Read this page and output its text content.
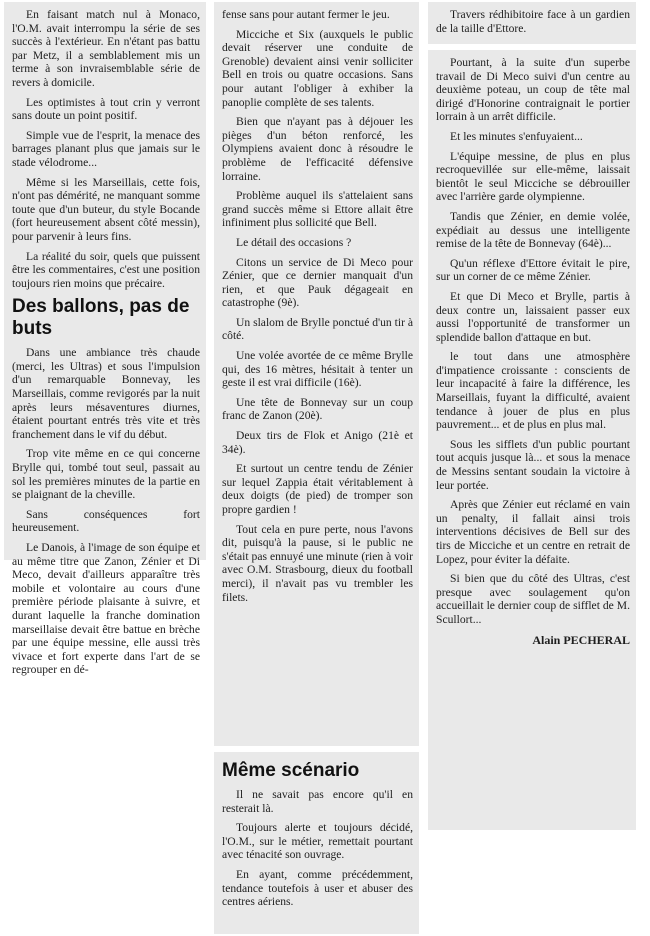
En faisant match nul à Monaco, l'O.M. avait interrompu la série de ses succès à l'extérieur. En n'étant pas battu par Metz, il a semblablement mis un terme à son invraisemblable série de revers à domicile.

Les optimistes à tout crin y verront sans doute un point positif.

Simple vue de l'esprit, la menace des barrages planant plus que jamais sur le stade vélodrome...

Même si les Marseillais, cette fois, n'ont pas démérité, ne manquant somme toute que d'un buteur, du style Bocande (fort heureusement absent côté messin), pour parvenir à leurs fins.

La réalité du soir, quels que puissent être les commentaires, c'est une position toujours rien moins que précaire.

Des ballons, pas de buts

Dans une ambiance très chaude (merci, les Ultras) et sous l'impulsion d'un remarquable Bonnevay, les Marseillais, comme revigorés par la nuit après leurs mésaventures diurnes, étaient pourtant entrés très vite et très franchement dans le vif du début.

Trop vite même en ce qui concerne Brylle qui, tombé tout seul, passait au sol les premières minutes de la partie en se plaignant de la cheville.

Sans conséquences fort heureusement.

Le Danois, à l'image de son équipe et au même titre que Zanon, Zénier et Di Meco, devait d'ailleurs apparaître très mobile et volontaire au cours d'une première période plaisante à suivre, et durant laquelle la franche domination marseillaise devait être battue en brèche par une équipe messine, elle aussi très vivace et fort experte dans l'art de se regrouper en dé-

fense sans pour autant fermer le jeu.

Micciche et Six (auxquels le public devait réserver une conduite de Grenoble) devaient ainsi venir solliciter Bell en trois ou quatre occasions. Sans pour autant l'obliger à exhiber la panoplie complète de ses talents.

Bien que n'ayant pas à déjouer les pièges d'un béton renforcé, les Olympiens avaient donc à résoudre le problème de l'efficacité défensive lorraine.

Problème auquel ils s'attelaient sans grand succès même si Ettore allait être infiniment plus sollicité que Bell.

Le détail des occasions ?

Citons un service de Di Meco pour Zénier, que ce dernier manquait d'un rien, et que Pauk dégageait en catastrophe (9è).

Un slalom de Brylle ponctué d'un tir à côté.

Une volée avortée de ce même Brylle qui, des 16 mètres, hésitait à tenter un geste il est vrai difficile (16è).

Une tête de Bonnevay sur un coup franc de Zanon (20è).

Deux tirs de Flok et Anigo (21è et 34è).

Et surtout un centre tendu de Zénier sur lequel Zappia était véritablement à deux doigts (de pied) de tromper son propre gardien !

Tout cela en pure perte, nous l'avons dit, puisqu'à la pause, si le public ne s'était pas ennuyé une minute (rien à voir avec O.M. Strasbourg, dieux du football merci), il n'avait pas vu trembler les filets.

Même scénario

Il ne savait pas encore qu'il en resterait là.

Toujours alerte et toujours décidé, l'O.M., sur le métier, remettait pourtant avec ténacité son ouvrage.

En ayant, comme précédemment, tendance toutefois à user et abuser des centres aériens.

Travers rédhibitoire face à un gardien de la taille d'Ettore.

Pourtant, à la suite d'un superbe travail de Di Meco suivi d'un centre au deuxième poteau, un coup de tête mal dirigé d'Honorine contraignait le portier lorrain à un arrêt difficile.

Et les minutes s'enfuyaient...

L'équipe messine, de plus en plus recroquevillée sur elle-même, laissait bientôt le seul Micciche se débrouiller avec l'arrière garde olympienne.

Tandis que Zénier, en demie volée, expédiait au dessus une intelligente remise de la tête de Bonnevay (64è)...

Qu'un réflexe d'Ettore évitait le pire, sur un corner de ce même Zénier.

Et que Di Meco et Brylle, partis à deux contre un, laissaient passer eux aussi l'opportunité de transformer un splendide ballon d'attaque en but.

le tout dans une atmosphère d'impatience croissante : conscients de leur incapacité à faire la différence, les Marseillais, fuyant la difficulté, avaient tendance à jouer de plus en plus pauvrement... et de plus en plus mal.

Sous les sifflets d'un public pourtant tout acquis jusque là... et sous la menace de Messins sentant soudain la victoire à leur portée.

Après que Zénier eut réclamé en vain un penalty, il fallait ainsi trois interventions décisives de Bell sur des tirs de Micciche et un centre en retrait de Lopez, pour éviter la défaite.

Si bien que du côté des Ultras, c'est presque avec soulagement qu'on accueillait le dernier coup de sifflet de M. Scullort...

Alain PECHERAL
